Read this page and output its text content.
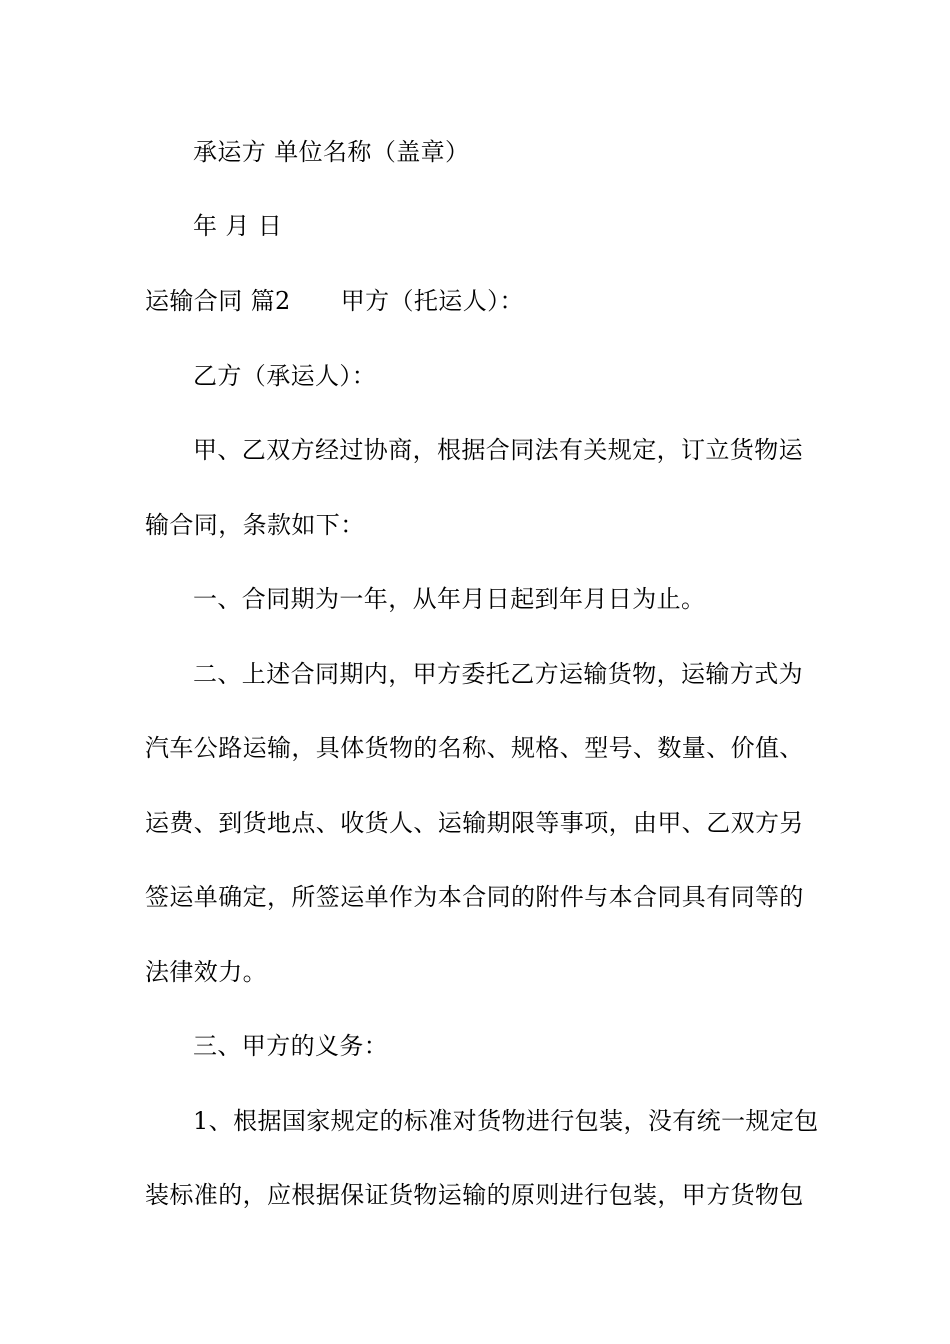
承运方 单位名称（盖章）
年 月 日
运输合同 篇2 甲方（托运人）：
乙方（承运人）：
甲、乙双方经过协商，根据合同法有关规定，订立货物运
输合同，条款如下：
一、合同期为一年，从年月日起到年月日为止。
二、上述合同期内，甲方委托乙方运输货物，运输方式为
汽车公路运输，具体货物的名称、规格、型号、数量、价值、
运费、到货地点、收货人、运输期限等事项，由甲、乙双方另
签运单确定，所签运单作为本合同的附件与本合同具有同等的
法律效力。
三、甲方的义务：
1、根据国家规定的标准对货物进行包装，没有统一规定包
装标准的，应根据保证货物运输的原则进行包装，甲方货物包
